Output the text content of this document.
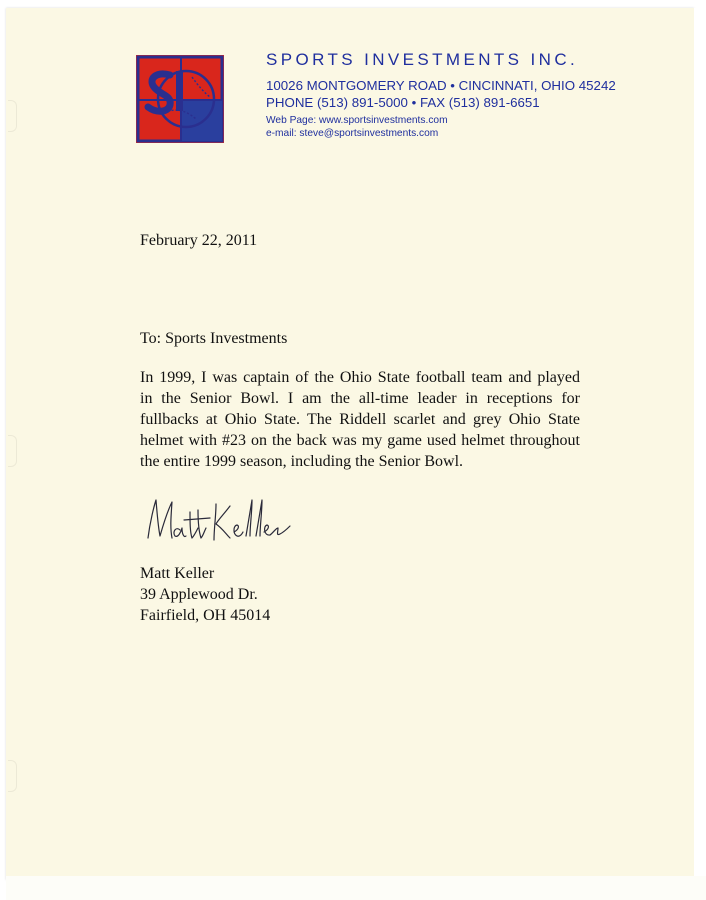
SPORTS INVESTMENTS INC.
10026 MONTGOMERY ROAD • CINCINNATI, OHIO 45242
PHONE (513) 891-5000 • FAX (513) 891-6651
Web Page: www.sportsinvestments.com
e-mail: steve@sportsinvestments.com
February 22, 2011
To: Sports Investments
In 1999, I was captain of the Ohio State football team and played
in the Senior Bowl. I am the all-time leader in receptions for
fullbacks at Ohio State. The Riddell scarlet and grey Ohio State
helmet with #23 on the back was my game used helmet throughout
the entire 1999 season, including the Senior Bowl.
Matt Keller
39 Applewood Dr.
Fairfield, OH 45014
